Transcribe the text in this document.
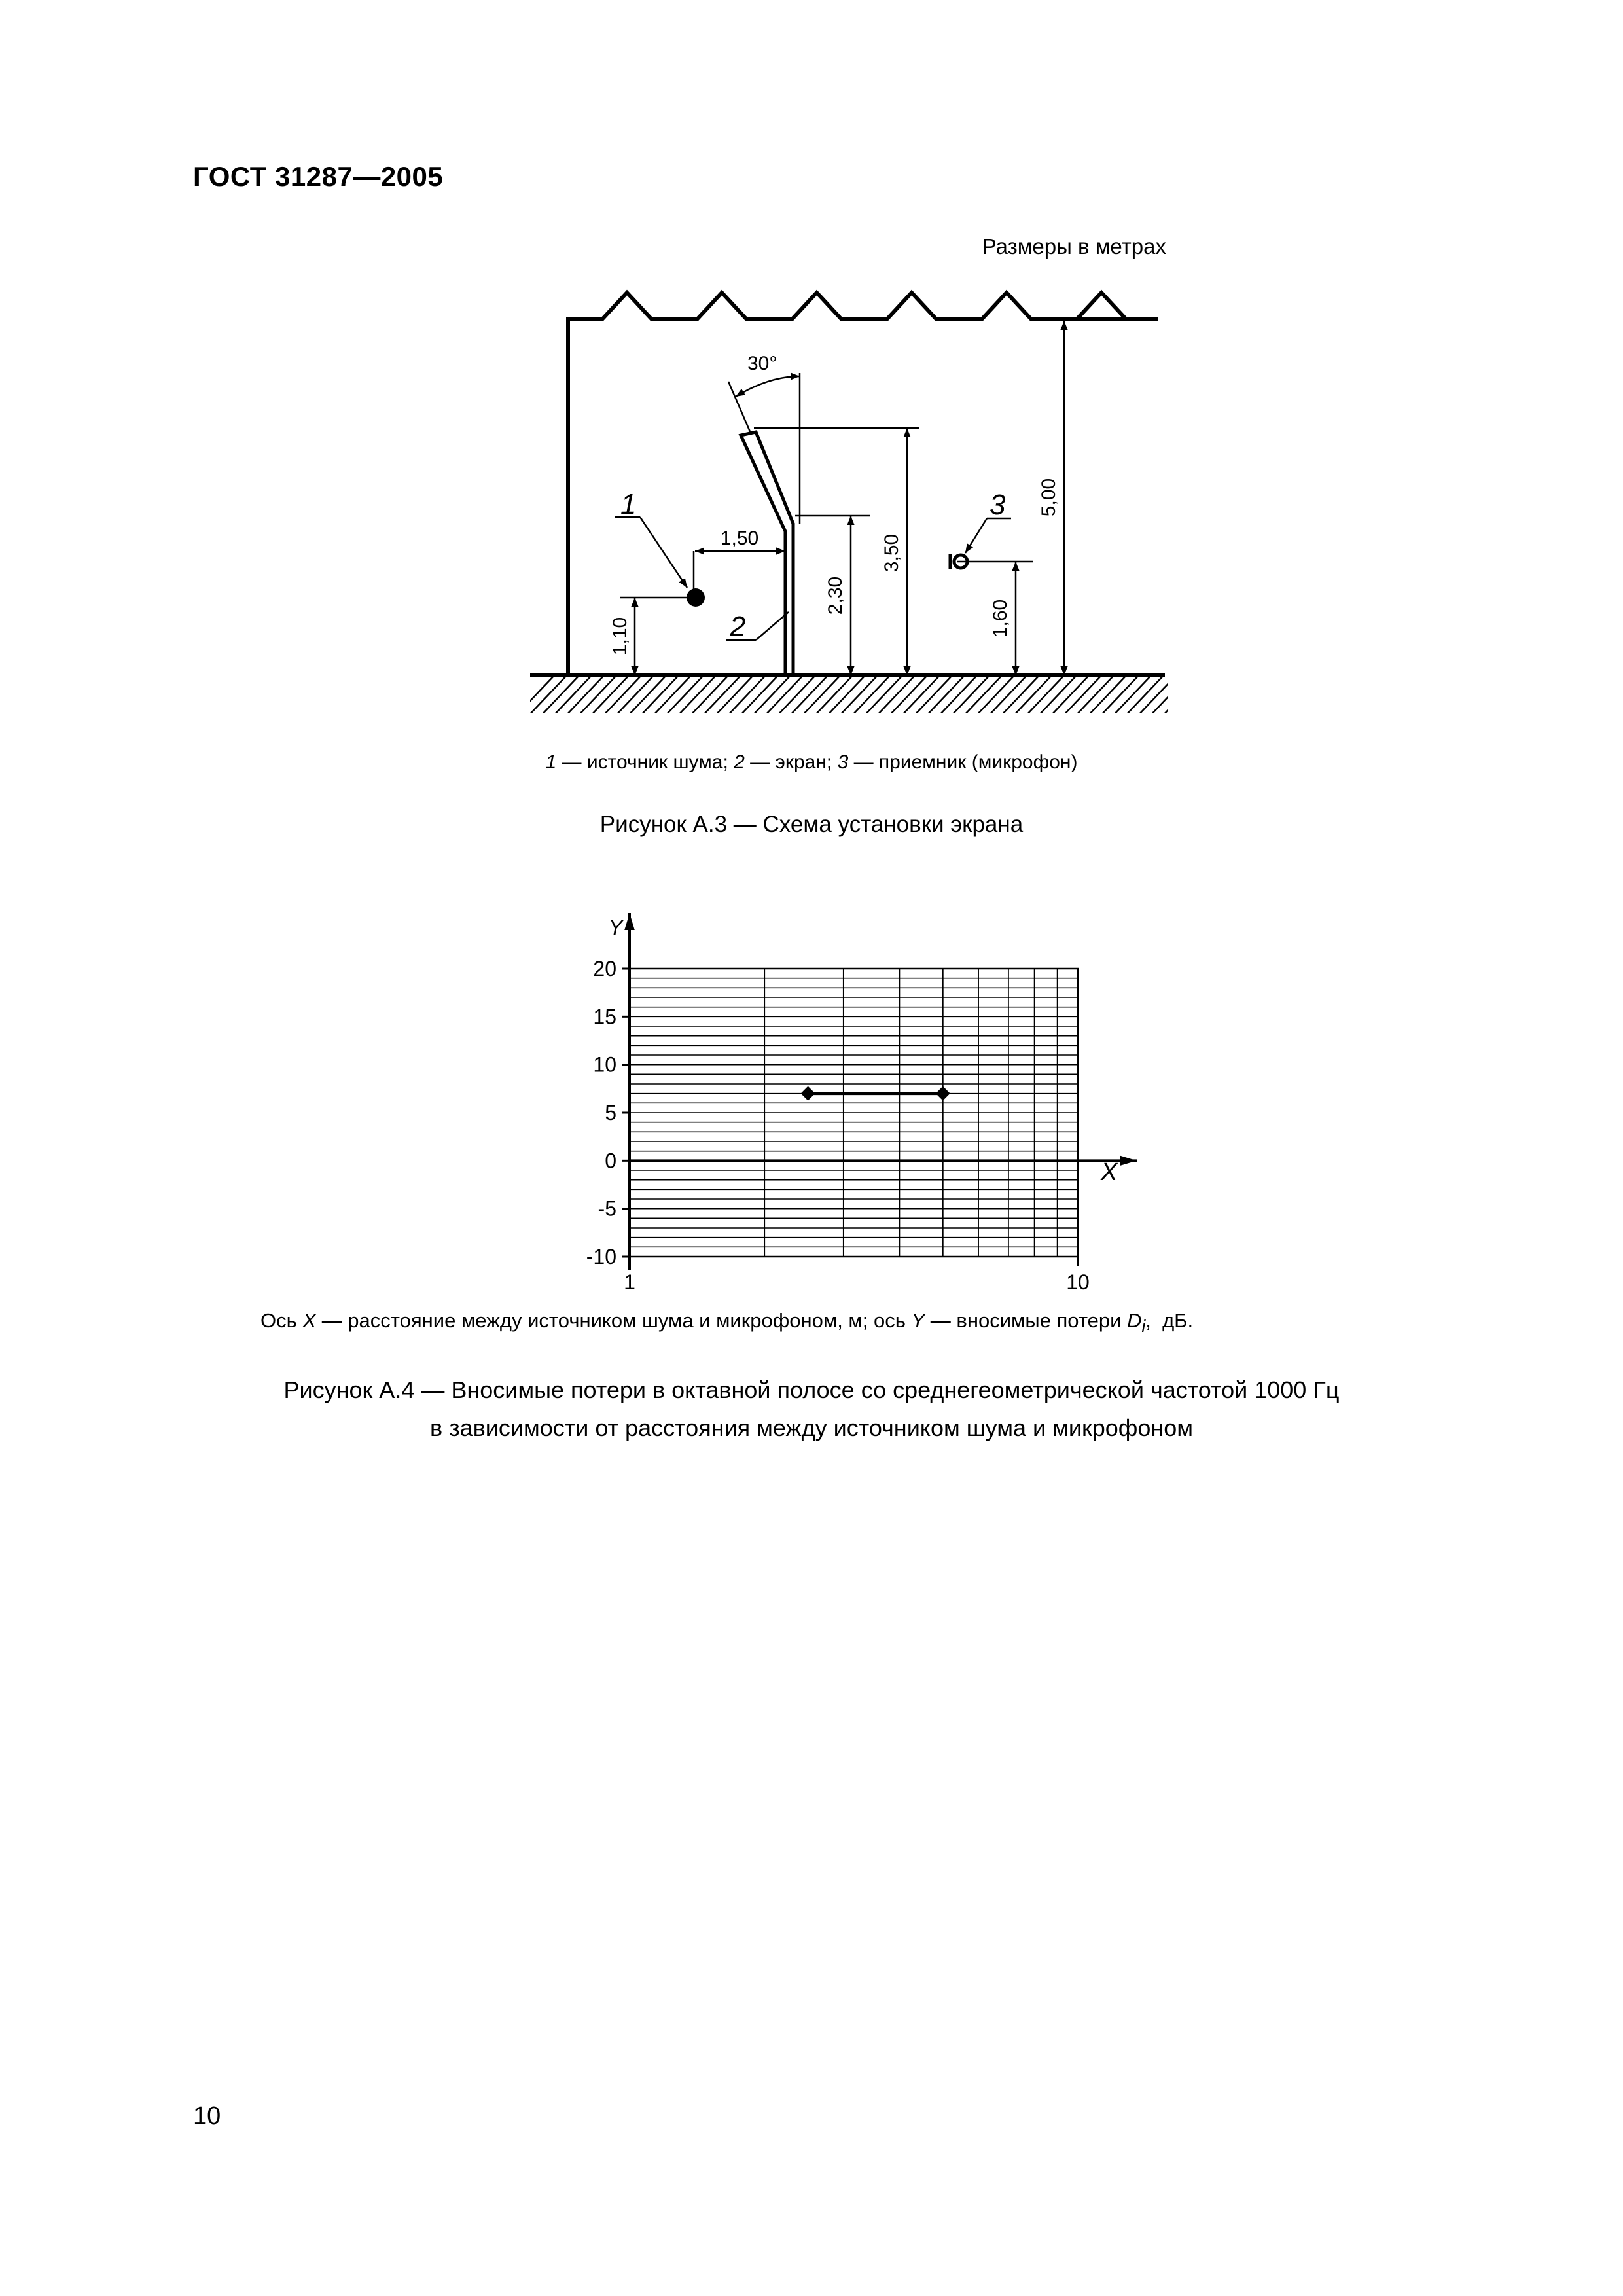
ГОСТ 31287—2005
Размеры в метрах
30°
1,10
1,50
2,30
3,50
1,60
5,00
1
2
3
1 — источник шума; 2 — экран; 3 — приемник (микрофон)
Рисунок А.3 — Схема установки экрана
20
15
10
5
0
-5
-10
1	10
Y
X
Ось X — расстояние между источником шума и микрофоном, м; ось Y — вносимые потери $D_i$,  дБ.
Рисунок А.4 — Вносимые потери в октавной полосе со среднегеометрической частотой 1000 Гц
в зависимости от расстояния между источником шума и микрофоном
10
